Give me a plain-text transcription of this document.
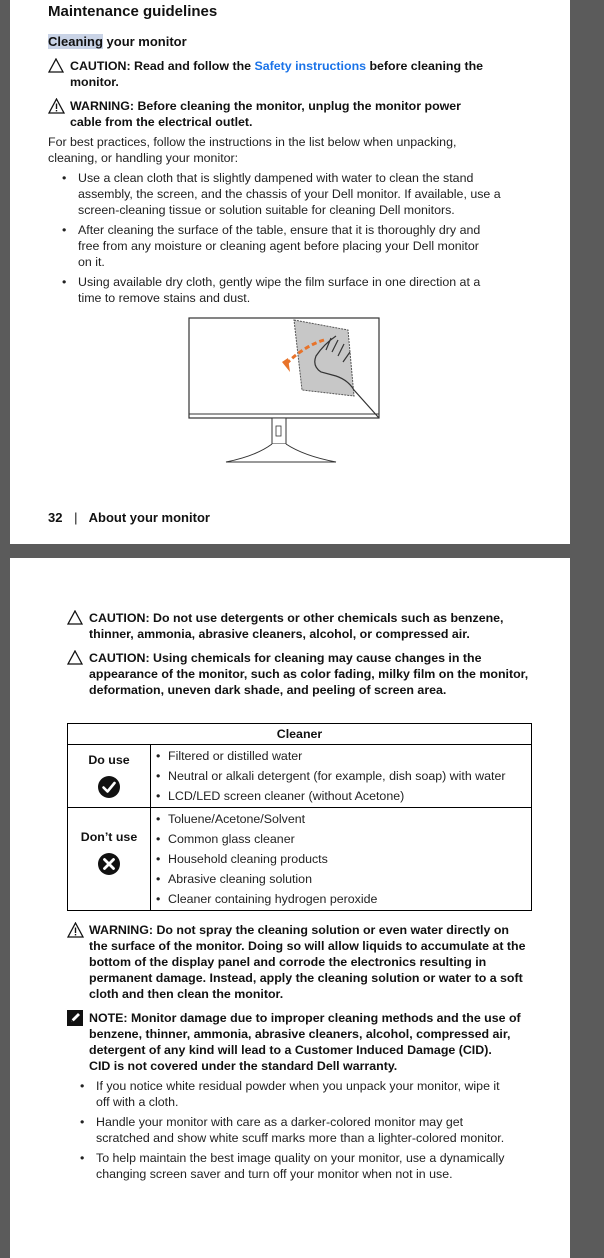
Maintenance guidelines
Cleaning your monitor
CAUTION: Read and follow the Safety instructions before cleaning the
monitor.
WARNING: Before cleaning the monitor, unplug the monitor power
cable from the electrical outlet.
For best practices, follow the instructions in the list below when unpacking,
cleaning, or handling your monitor:
• Use a clean cloth that is slightly dampened with water to clean the stand
assembly, the screen, and the chassis of your Dell monitor. If available, use a
screen-cleaning tissue or solution suitable for cleaning Dell monitors.
• After cleaning the surface of the table, ensure that it is thoroughly dry and
free from any moisture or cleaning agent before placing your Dell monitor
on it.
• Using available dry cloth, gently wipe the film surface in one direction at a
time to remove stains and dust.
32 | About your monitor
CAUTION: Do not use detergents or other chemicals such as benzene,
thinner, ammonia, abrasive cleaners, alcohol, or compressed air.
CAUTION: Using chemicals for cleaning may cause changes in the
appearance of the monitor, such as color fading, milky film on the monitor,
deformation, uneven dark shade, and peeling of screen area.
Cleaner	

Do use	• Filtered or distilled water
• Neutral or alkali detergent (for example, dish soap) with water
• LCD/LED screen cleaner (without Acetone)

Don’t use	• Toluene/Acetone/Solvent
• Common glass cleaner
• Household cleaning products
• Abrasive cleaning solution
• Cleaner containing hydrogen peroxide
WARNING: Do not spray the cleaning solution or even water directly on
the surface of the monitor. Doing so will allow liquids to accumulate at the
bottom of the display panel and corrode the electronics resulting in
permanent damage. Instead, apply the cleaning solution or water to a soft
cloth and then clean the monitor.
NOTE: Monitor damage due to improper cleaning methods and the use of
benzene, thinner, ammonia, abrasive cleaners, alcohol, compressed air,
detergent of any kind will lead to a Customer Induced Damage (CID).
CID is not covered under the standard Dell warranty.
• If you notice white residual powder when you unpack your monitor, wipe it
off with a cloth.
• Handle your monitor with care as a darker-colored monitor may get
scratched and show white scuff marks more than a lighter-colored monitor.
• To help maintain the best image quality on your monitor, use a dynamically
changing screen saver and turn off your monitor when not in use.
